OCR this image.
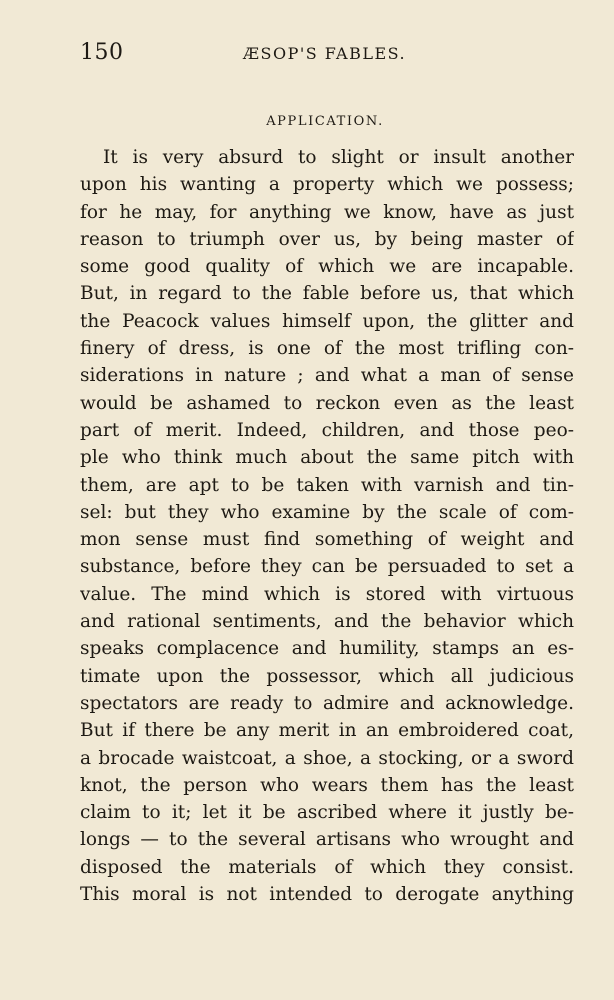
150	ÆSOP'S FABLES.
APPLICATION.
It is very absurd to slight or insult another
upon his wanting a property which we possess;
for he may, for anything we know, have as just
reason to triumph over us, by being master of
some good quality of which we are incapable.
But, in regard to the fable before us, that which
the Peacock values himself upon, the glitter and
finery of dress, is one of the most trifling con-
siderations in nature ; and what a man of sense
would be ashamed to reckon even as the least
part of merit. Indeed, children, and those peo-
ple who think much about the same pitch with
them, are apt to be taken with varnish and tin-
sel: but they who examine by the scale of com-
mon sense must find something of weight and
substance, before they can be persuaded to set a
value. The mind which is stored with virtuous
and rational sentiments, and the behavior which
speaks complacence and humility, stamps an es-
timate upon the possessor, which all judicious
spectators are ready to admire and acknowledge.
But if there be any merit in an embroidered coat,
a brocade waistcoat, a shoe, a stocking, or a sword
knot, the person who wears them has the least
claim to it; let it be ascribed where it justly be-
longs — to the several artisans who wrought and
disposed the materials of which they consist.
This moral is not intended to derogate anything
